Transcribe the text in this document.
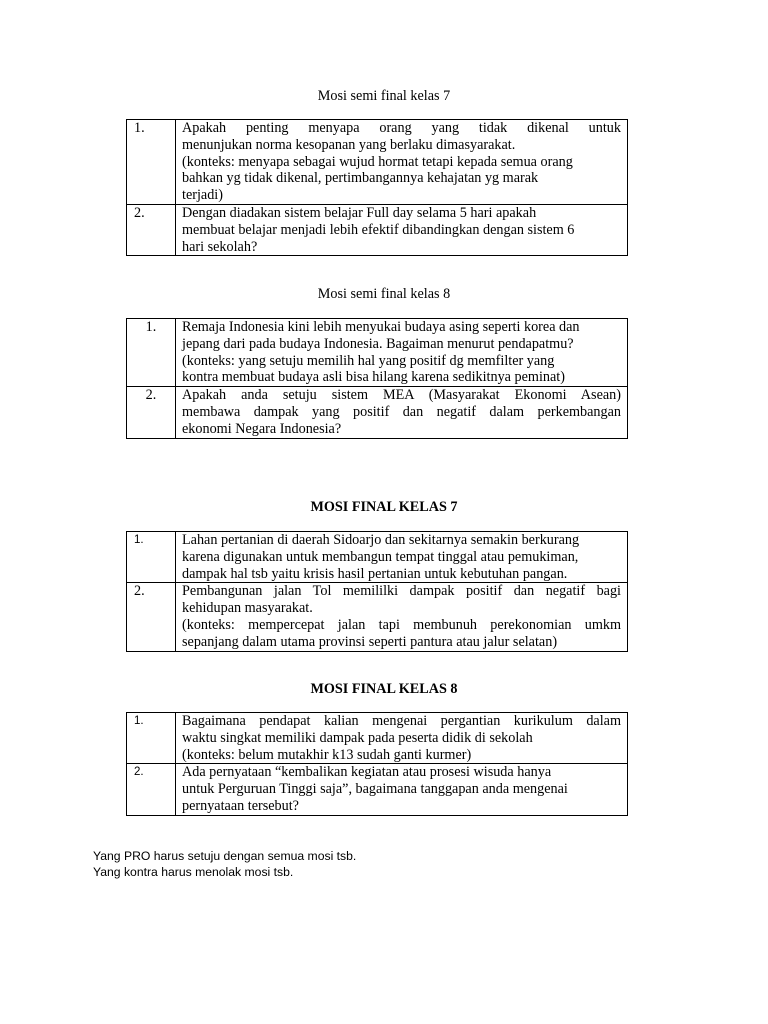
Mosi semi final kelas 7
1.	Apakah penting menyapa orang yang tidak dikenal untuk
menunjukan norma kesopanan yang berlaku dimasyarakat.
(konteks: menyapa sebagai wujud hormat tetapi kepada semua orang
bahkan yg tidak dikenal, pertimbangannya kehajatan yg marak
terjadi)

2.	Dengan diadakan sistem belajar Full day selama 5 hari apakah
membuat belajar menjadi lebih efektif dibandingkan dengan sistem 6
hari sekolah?
Mosi semi final kelas 8
1.	Remaja Indonesia kini lebih menyukai budaya asing seperti korea dan
jepang dari pada budaya Indonesia. Bagaiman menurut pendapatmu?
(konteks: yang setuju memilih hal yang positif dg memfilter yang
kontra membuat budaya asli bisa hilang karena sedikitnya peminat)

2.	Apakah anda setuju sistem MEA (Masyarakat Ekonomi Asean)
membawa dampak yang positif dan negatif dalam perkembangan
ekonomi Negara Indonesia?
MOSI FINAL KELAS 7
1.	Lahan pertanian di daerah Sidoarjo dan sekitarnya semakin berkurang
karena digunakan untuk membangun tempat tinggal atau pemukiman,
dampak hal tsb yaitu krisis hasil pertanian untuk kebutuhan pangan.

2.	Pembangunan jalan Tol memililki dampak positif dan negatif bagi
kehidupan masyarakat.
(konteks: mempercepat jalan tapi membunuh perekonomian umkm
sepanjang dalam utama provinsi seperti pantura atau jalur selatan)
MOSI FINAL KELAS 8
1.	Bagaimana pendapat kalian mengenai pergantian kurikulum dalam
waktu singkat memiliki dampak pada peserta didik di sekolah
(konteks: belum mutakhir k13 sudah ganti kurmer)

2.	Ada pernyataan “kembalikan kegiatan atau prosesi wisuda hanya
untuk Perguruan Tinggi saja”, bagaimana tanggapan anda mengenai
pernyataan tersebut?
Yang PRO harus setuju dengan semua mosi tsb.
Yang kontra harus menolak mosi tsb.
